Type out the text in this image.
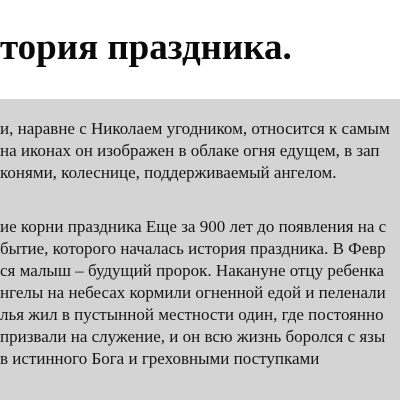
тория праздника.
и, наравне с Николаем угодником, относится к самым
на иконах он изображен в облаке огня едущем, в зап
конями, колеснице, поддерживаемый ангелом.
ие корни праздника Еще за 900 лет до появления на с
бытие, которого началась история праздника. В Февр
ся малыш – будущий пророк. Накануне отцу ребенка
нгелы на небесах кормили огненной едой и пеленали
лья жил в пустынной местности один, где постоянно
призвали на служение, и он всю жизнь боролся с язы
в истинного Бога и греховными поступками
